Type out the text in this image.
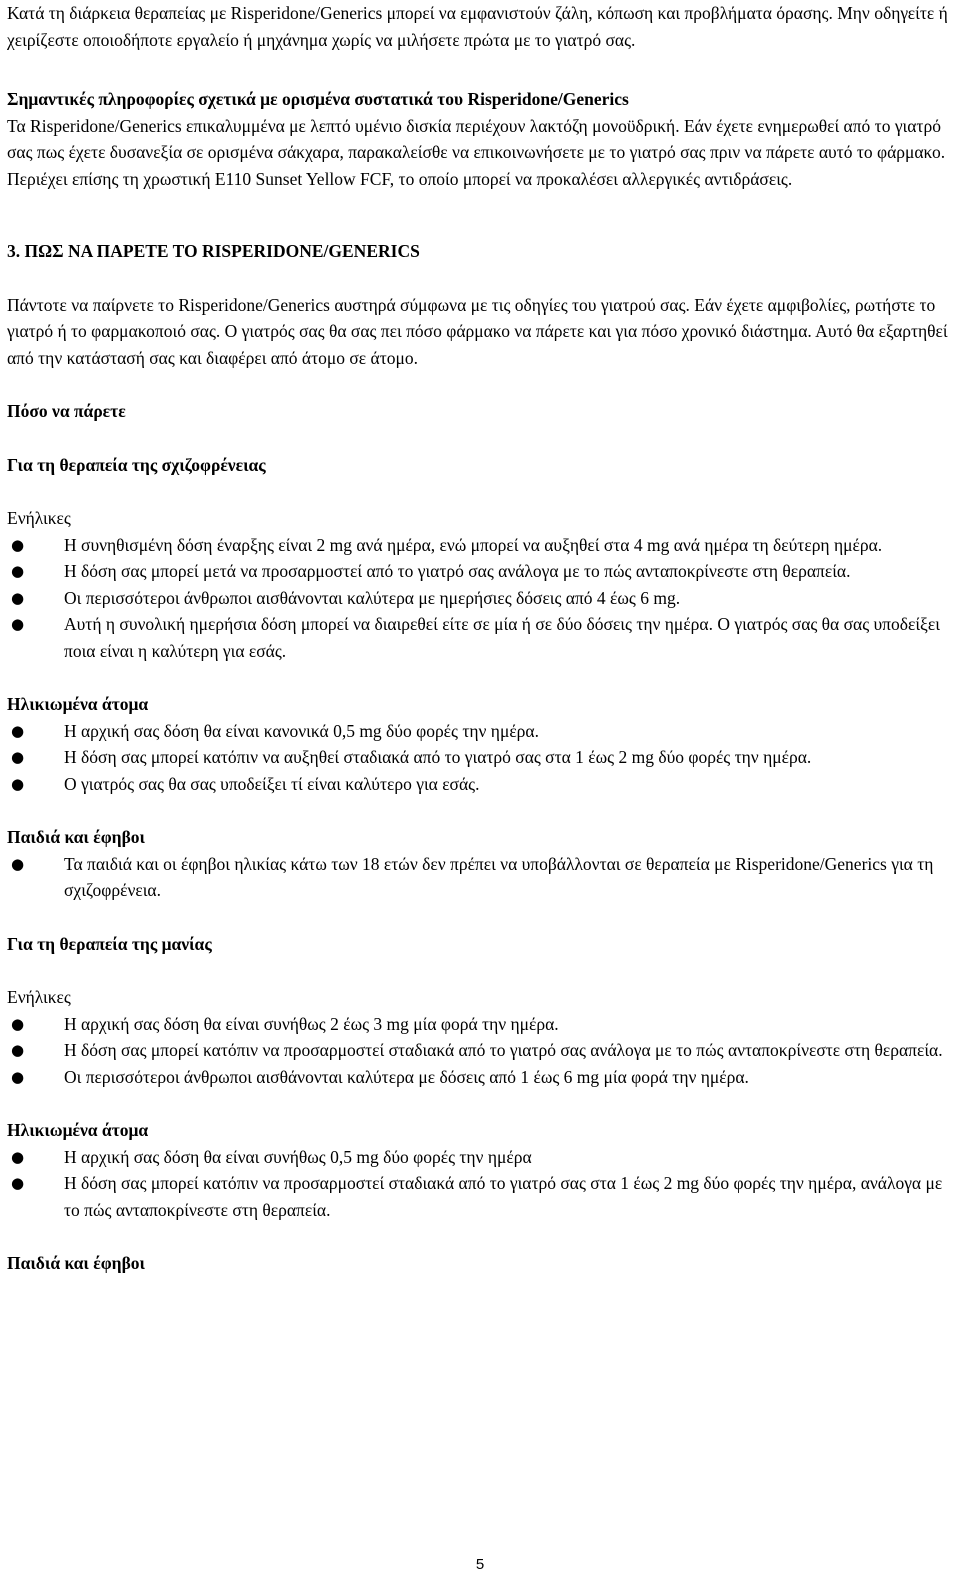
Κατά τη διάρκεια θεραπείας με Risperidone/Generics μπορεί να εμφανιστούν ζάλη, κόπωση και προβλήματα όρασης. Μην οδηγείτε ή χειρίζεστε οποιοδήποτε εργαλείο ή μηχάνημα χωρίς να μιλήσετε πρώτα με το γιατρό σας.

Σημαντικές πληροφορίες σχετικά με ορισμένα συστατικά του Risperidone/Generics

Τα Risperidone/Generics επικαλυμμένα με λεπτό υμένιο δισκία περιέχουν λακτόζη μονοϋδρική. Εάν έχετε ενημερωθεί από το γιατρό σας πως έχετε δυσανεξία σε ορισμένα σάκχαρα, παρακαλείσθε να επικοινωνήσετε με το γιατρό σας πριν να πάρετε αυτό το φάρμακο. Περιέχει επίσης τη χρωστική E110 Sunset Yellow FCF, το οποίο μπορεί να προκαλέσει αλλεργικές αντιδράσεις.

3. ΠΩΣ ΝΑ ΠΑΡΕΤΕ ΤΟ RISPERIDONE/GENERICS

Πάντοτε να παίρνετε το Risperidone/Generics αυστηρά σύμφωνα με τις οδηγίες του γιατρού σας. Εάν έχετε αμφιβολίες, ρωτήστε το γιατρό ή το φαρμακοποιό σας. Ο γιατρός σας θα σας πει πόσο φάρμακο να πάρετε και για πόσο χρονικό διάστημα. Αυτό θα εξαρτηθεί από την κατάστασή σας και διαφέρει από άτομο σε άτομο.

Πόσο να πάρετε

Για τη θεραπεία της σχιζοφρένειας

Ενήλικες

● Η συνηθισμένη δόση έναρξης είναι 2 mg ανά ημέρα, ενώ μπορεί να αυξηθεί στα 4 mg ανά ημέρα τη δεύτερη ημέρα.
● Η δόση σας μπορεί μετά να προσαρμοστεί από το γιατρό σας ανάλογα με το πώς ανταποκρίνεστε στη θεραπεία.
● Οι περισσότεροι άνθρωποι αισθάνονται καλύτερα με ημερήσιες δόσεις από 4 έως 6 mg.
● Αυτή η συνολική ημερήσια δόση μπορεί να διαιρεθεί είτε σε μία ή σε δύο δόσεις την ημέρα. Ο γιατρός σας θα σας υποδείξει ποια είναι η καλύτερη για εσάς.

Ηλικιωμένα άτομα

● Η αρχική σας δόση θα είναι κανονικά 0,5 mg δύο φορές την ημέρα.
● Η δόση σας μπορεί κατόπιν να αυξηθεί σταδιακά από το γιατρό σας στα 1 έως 2 mg δύο φορές την ημέρα.
● Ο γιατρός σας θα σας υποδείξει τί είναι καλύτερο για εσάς.

Παιδιά και έφηβοι

● Τα παιδιά και οι έφηβοι ηλικίας κάτω των 18 ετών δεν πρέπει να υποβάλλονται σε θεραπεία με Risperidone/Generics για τη σχιζοφρένεια.

Για τη θεραπεία της μανίας

Ενήλικες

● Η αρχική σας δόση θα είναι συνήθως 2 έως 3 mg μία φορά την ημέρα.
● Η δόση σας μπορεί κατόπιν να προσαρμοστεί σταδιακά από το γιατρό σας ανάλογα με το πώς ανταποκρίνεστε στη θεραπεία.
● Οι περισσότεροι άνθρωποι αισθάνονται καλύτερα με δόσεις από 1 έως 6 mg μία φορά την ημέρα.

Ηλικιωμένα άτομα

● Η αρχική σας δόση θα είναι συνήθως 0,5 mg δύο φορές την ημέρα
● Η δόση σας μπορεί κατόπιν να προσαρμοστεί σταδιακά από το γιατρό σας στα 1 έως 2 mg δύο φορές την ημέρα, ανάλογα με το πώς ανταποκρίνεστε στη θεραπεία.

Παιδιά και έφηβοι

5
